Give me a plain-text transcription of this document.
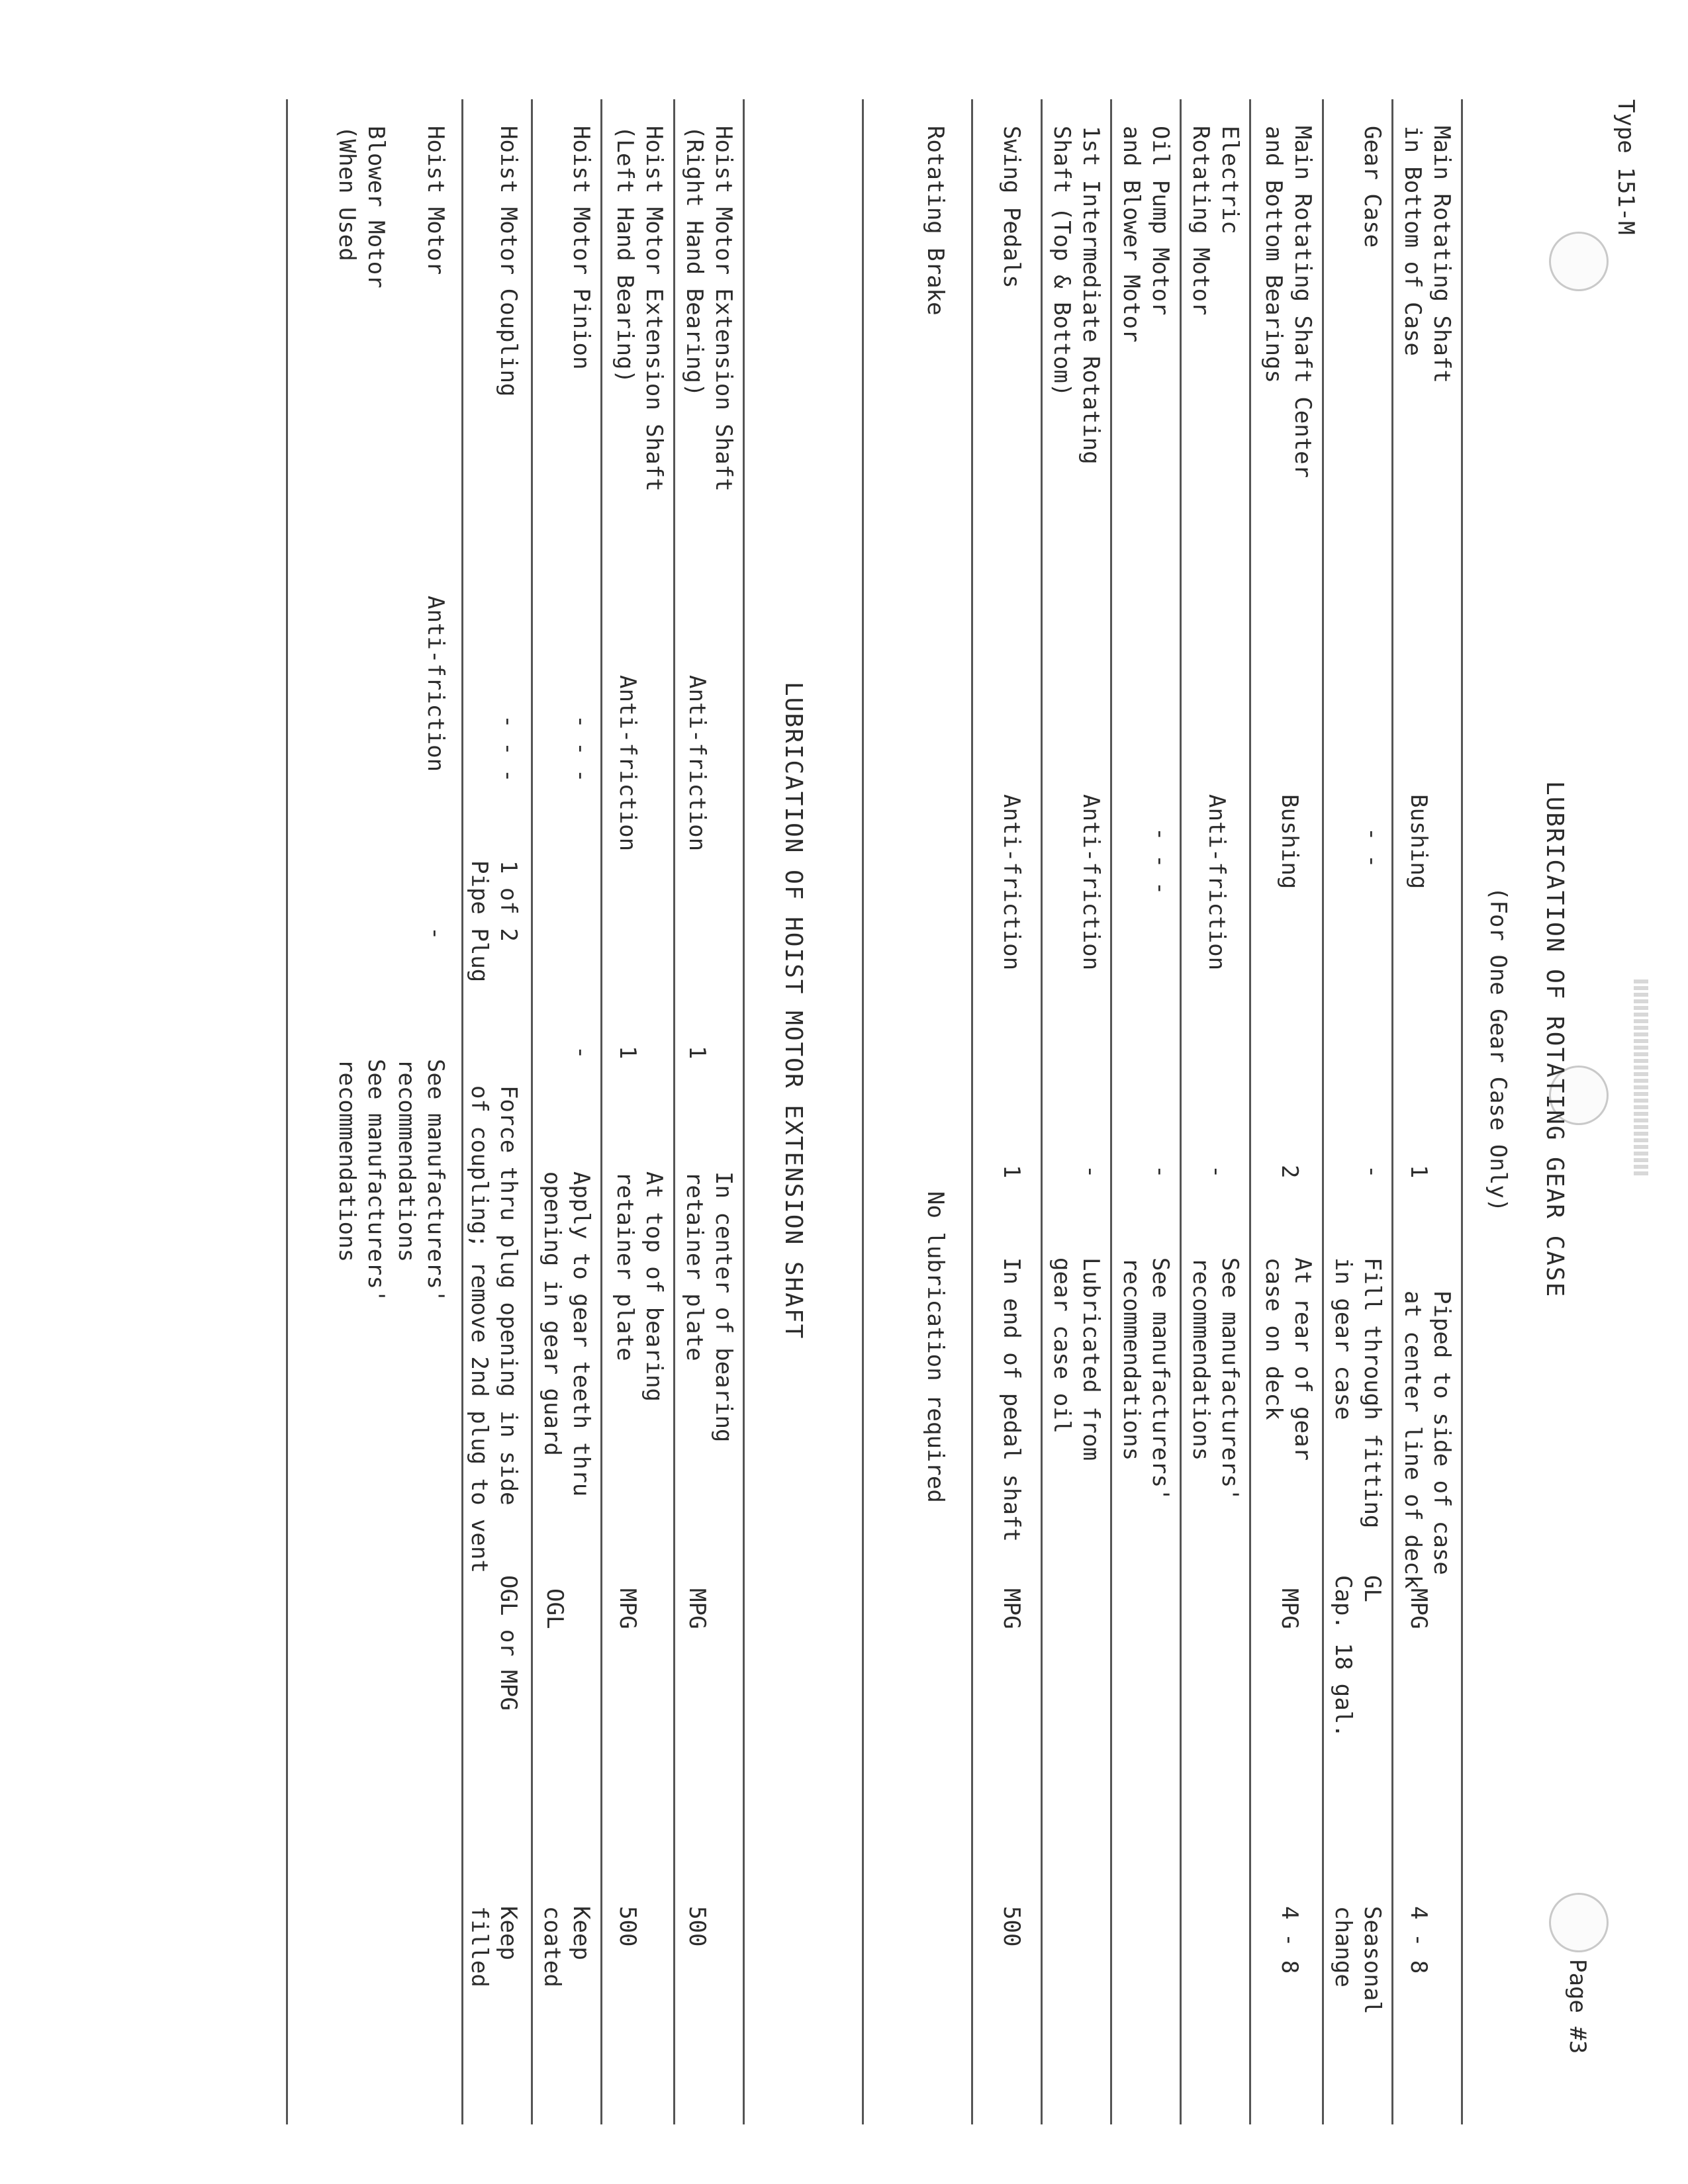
Type 151-M
Page #3
LUBRICATION OF ROTATING GEAR CASE
(For One Gear Case Only)
Main Rotating Shaft
in Bottom of Case
Bushing
1
Piped to side of case
at center line of deck
MPG
4 - 8
Gear Case
- -
-
Fill through fitting
in gear case
GL
Cap. 18 gal.
Seasonal
change
Main Rotating Shaft Center
and Bottom Bearings
Bushing
2
At rear of gear
case on deck
MPG
4 - 8
Electric
Rotating Motor
Anti-friction
-
See manufacturers'
recommendations
Oil Pump Motor
and Blower Motor
- - -
-
See manufacturers'
recommendations
1st Intermediate Rotating
Shaft (Top & Bottom)
Anti-friction
-
Lubricated from
gear case oil
Swing Pedals
Anti-friction
1
In end of pedal shaft
MPG
500
Rotating Brake
No lubrication required
LUBRICATION OF HOIST MOTOR EXTENSION SHAFT
Hoist Motor Extension Shaft
(Right Hand Bearing)
Anti-friction
1
In center of bearing
retainer plate
MPG
500
Hoist Motor Extension Shaft
(Left Hand Bearing)
Anti-friction
1
At top of bearing
retainer plate
MPG
500
Hoist Motor Pinion
- - -
-
Apply to gear teeth thru
opening in gear guard
OGL
Keep
coated
Hoist Motor Coupling
- - -
1 of 2
Pipe Plug
Force thru plug opening in side
of coupling; remove 2nd plug to vent
OGL or MPG
Keep
filled
Hoist Motor
Anti-friction
-
See manufacturers'
recommendations
Blower Motor
(When Used
See manufacturers'
recommendations
